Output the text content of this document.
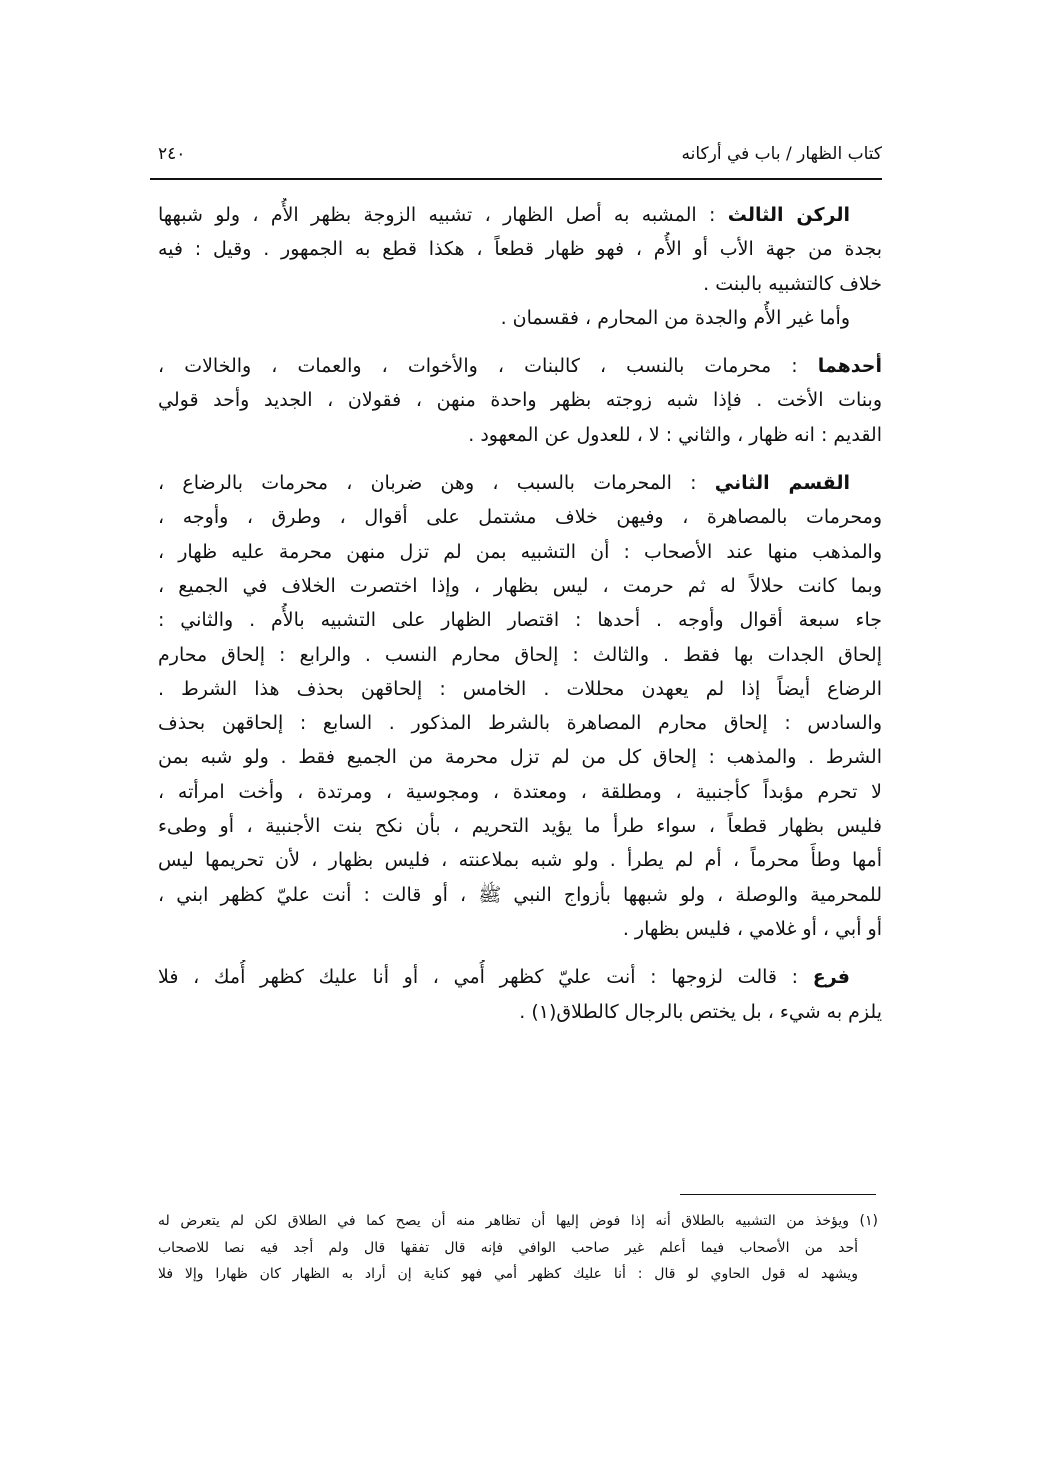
كتاب الظهار / باب في أركانه
٢٤٠
الركن الثالث : المشبه به أصل الظهار ، تشبيه الزوجة بظهر الأُم ، ولو شبهها
بجدة من جهة الأب أو الأُم ، فهو ظهار قطعاً ، هكذا قطع به الجمهور . وقيل : فيه
خلاف كالتشبيه بالبنت .
وأما غير الأُم والجدة من المحارم ، فقسمان .
أحدهما : محرمات بالنسب ، كالبنات ، والأخوات ، والعمات ، والخالات ،
وبنات الأخت . فإذا شبه زوجته بظهر واحدة منهن ، فقولان ، الجديد وأحد قولي
القديم : انه ظهار ، والثاني : لا ، للعدول عن المعهود .
القسم الثاني : المحرمات بالسبب ، وهن ضربان ، محرمات بالرضاع ،
ومحرمات بالمصاهرة ، وفيهن خلاف مشتمل على أقوال ، وطرق ، وأوجه ،
والمذهب منها عند الأصحاب : أن التشبيه بمن لم تزل منهن محرمة عليه ظهار ،
وبما كانت حلالاً له ثم حرمت ، ليس بظهار ، وإذا اختصرت الخلاف في الجميع ،
جاء سبعة أقوال وأوجه . أحدها : اقتصار الظهار على التشبيه بالأُم . والثاني :
إلحاق الجدات بها فقط . والثالث : إلحاق محارم النسب . والرابع : إلحاق محارم
الرضاع أيضاً إذا لم يعهدن محللات . الخامس : إلحاقهن بحذف هذا الشرط .
والسادس : إلحاق محارم المصاهرة بالشرط المذكور . السابع : إلحاقهن بحذف
الشرط . والمذهب : إلحاق كل من لم تزل محرمة من الجميع فقط . ولو شبه بمن
لا تحرم مؤبداً كأجنبية ، ومطلقة ، ومعتدة ، ومجوسية ، ومرتدة ، وأخت امرأته ،
فليس بظهار قطعاً ، سواء طرأ ما يؤيد التحريم ، بأن نكح بنت الأجنبية ، أو وطىء
أمها وطأً محرماً ، أم لم يطرأ . ولو شبه بملاعنته ، فليس بظهار ، لأن تحريمها ليس
للمحرمية والوصلة ، ولو شبهها بأزواج النبي ﷺ ، أو قالت : أنت عليّ كظهر ابني ،
أو أبي ، أو غلامي ، فليس بظهار .
فرع : قالت لزوجها : أنت عليّ كظهر أُمي ، أو أنا عليك كظهر أُمك ، فلا
يلزم به شيء ، بل يختص بالرجال كالطلاق(١) .
(١) ويؤخذ من التشبيه بالطلاق أنه إذا فوض إليها أن تظاهر منه أن يصح كما في الطلاق لكن لم يتعرض له
أحد من الأصحاب فيما أعلم غير صاحب الوافي فإنه قال تفقها قال ولم أجد فيه نصا للاصحاب
ويشهد له قول الحاوي لو قال : أنا عليك كظهر أمي فهو كناية إن أراد به الظهار كان ظهارا وإلا فلا
